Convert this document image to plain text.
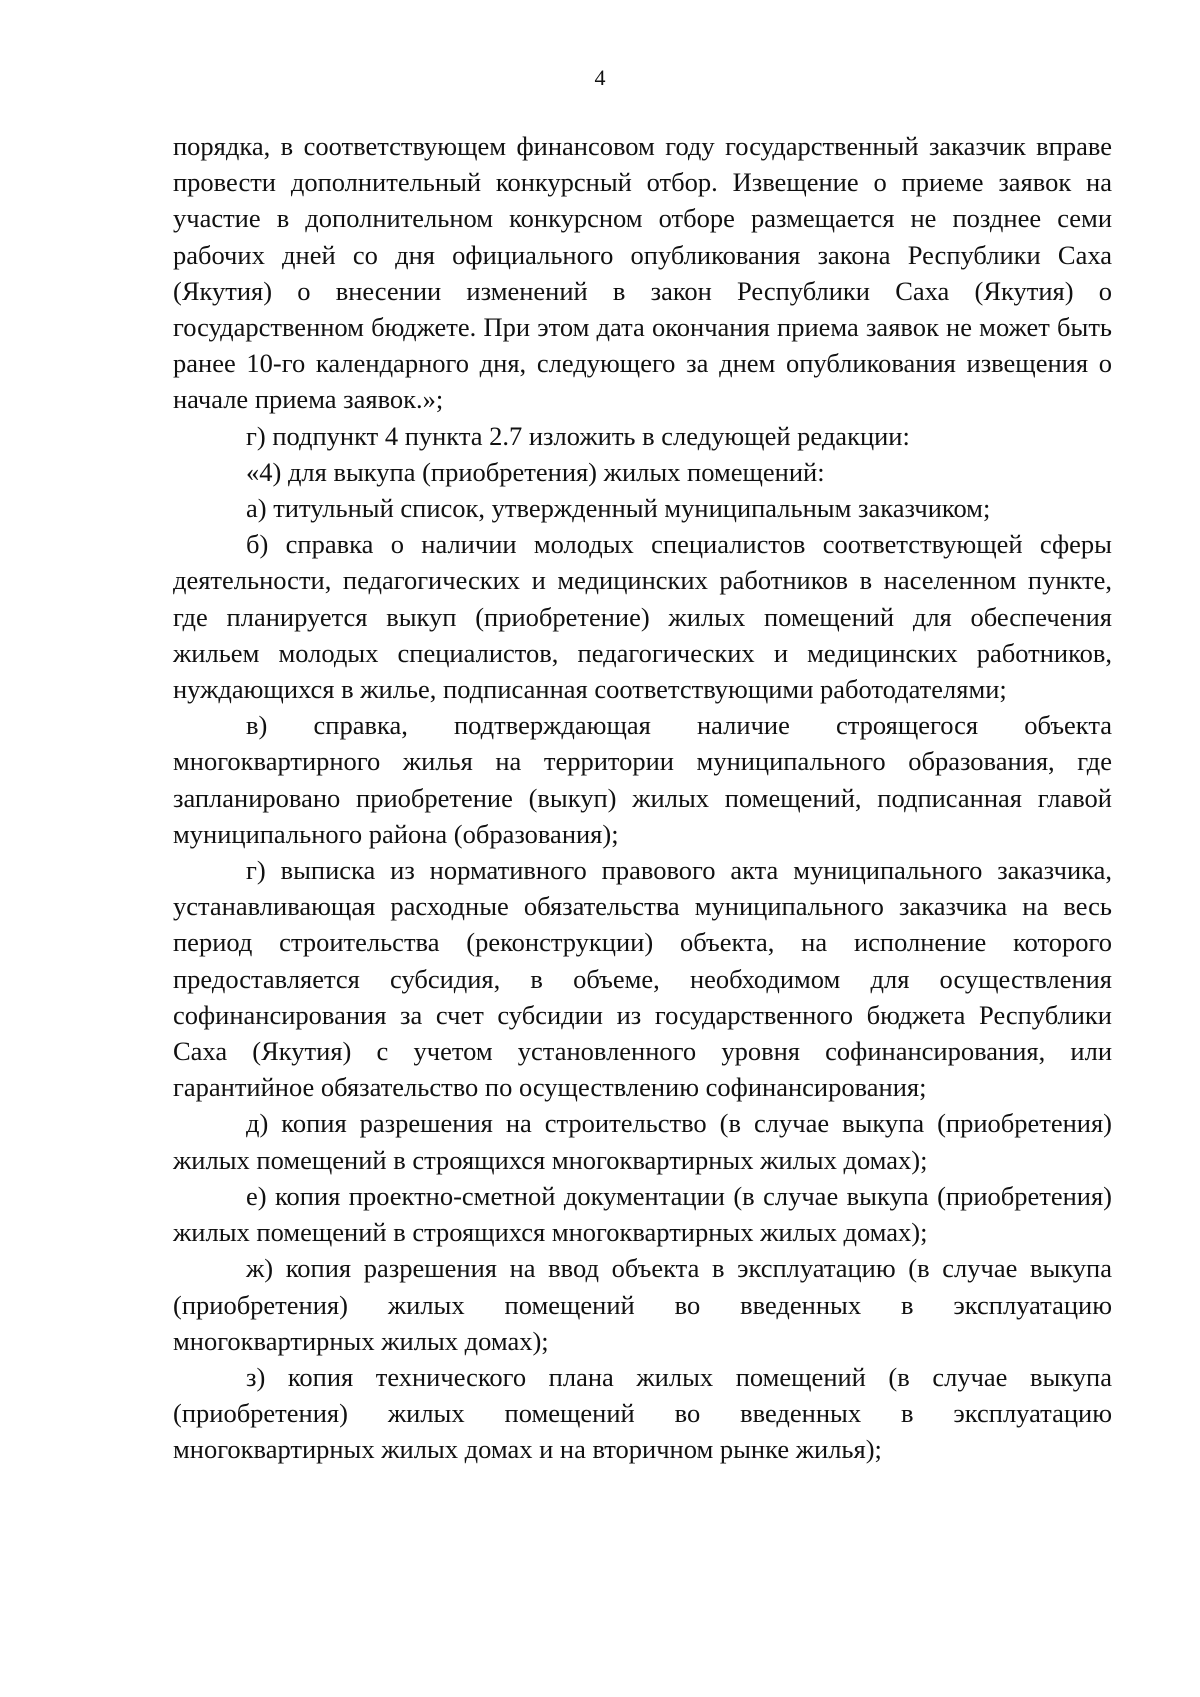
4

порядка, в соответствующем финансовом году государственный заказчик вправе провести дополнительный конкурсный отбор. Извещение о приеме заявок на участие в дополнительном конкурсном отборе размещается не позднее семи рабочих дней со дня официального опубликования закона Республики Саха (Якутия) о внесении изменений в закон Республики Саха (Якутия) о государственном бюджете. При этом дата окончания приема заявок не может быть ранее 10-го календарного дня, следующего за днем опубликования извещения о начале приема заявок.»;

г) подпункт 4 пункта 2.7 изложить в следующей редакции:

«4) для выкупа (приобретения) жилых помещений:

а) титульный список, утвержденный муниципальным заказчиком;

б) справка о наличии молодых специалистов соответствующей сферы деятельности, педагогических и медицинских работников в населенном пункте, где планируется выкуп (приобретение) жилых помещений для обеспечения жильем молодых специалистов, педагогических и медицинских работников, нуждающихся в жилье, подписанная соответствующими работодателями;

в) справка, подтверждающая наличие строящегося объекта многоквартирного жилья на территории муниципального образования, где запланировано приобретение (выкуп) жилых помещений, подписанная главой муниципального района (образования);

г) выписка из нормативного правового акта муниципального заказчика, устанавливающая расходные обязательства муниципального заказчика на весь период строительства (реконструкции) объекта, на исполнение которого предоставляется субсидия, в объеме, необходимом для осуществления софинансирования за счет субсидии из государственного бюджета Республики Саха (Якутия) с учетом установленного уровня софинансирования, или гарантийное обязательство по осуществлению софинансирования;

д) копия разрешения на строительство (в случае выкупа (приобретения) жилых помещений в строящихся многоквартирных жилых домах);

е) копия проектно-сметной документации (в случае выкупа (приобретения) жилых помещений в строящихся многоквартирных жилых домах);

ж) копия разрешения на ввод объекта в эксплуатацию (в случае выкупа (приобретения) жилых помещений во введенных в эксплуатацию многоквартирных жилых домах);

з) копия технического плана жилых помещений (в случае выкупа (приобретения) жилых помещений во введенных в эксплуатацию многоквартирных жилых домах и на вторичном рынке жилья);
